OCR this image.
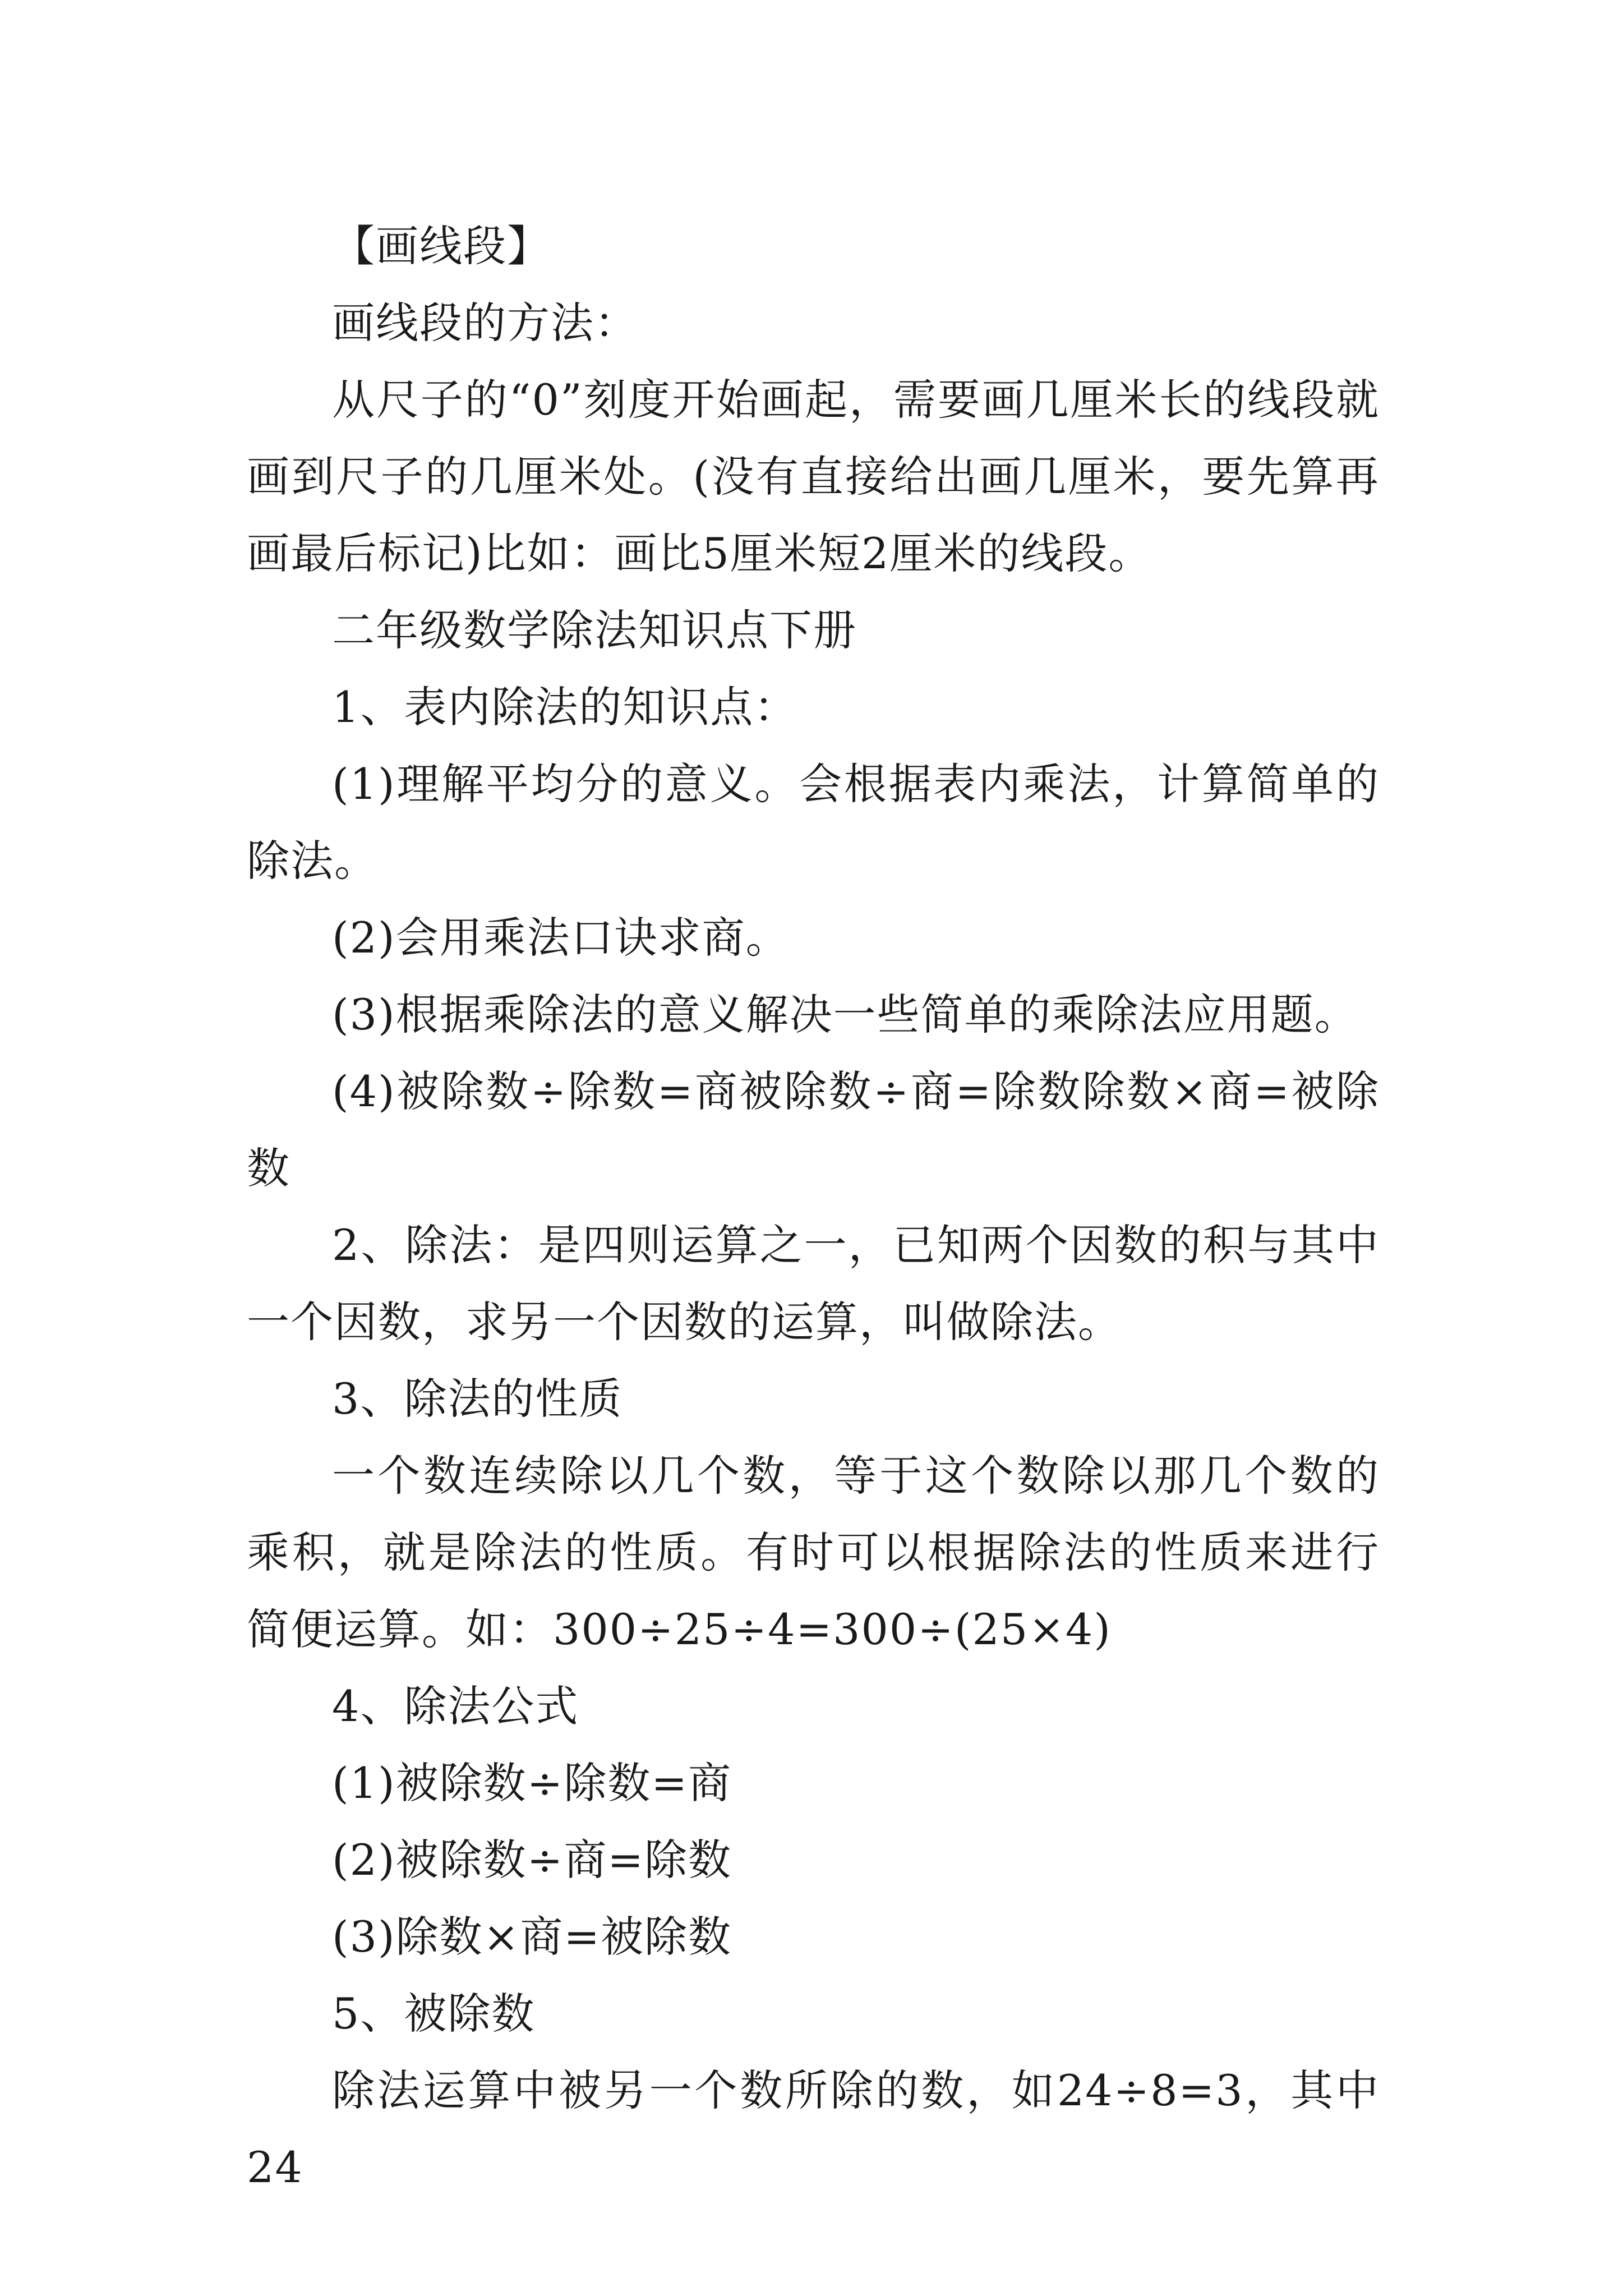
【画线段】

画线段的方法：

从尺子的“0”刻度开始画起，需要画几厘米长的线段就画到尺子的几厘米处。(没有直接给出画几厘米，要先算再画最后标记)比如：画比5厘米短2厘米的线段。

二年级数学除法知识点下册

1、表内除法的知识点：

(1)理解平均分的意义。会根据表内乘法，计算简单的除法。

(2)会用乘法口诀求商。

(3)根据乘除法的意义解决一些简单的乘除法应用题。

(4)被除数÷除数=商被除数÷商=除数除数×商=被除数

2、除法：是四则运算之一，已知两个因数的积与其中一个因数，求另一个因数的运算，叫做除法。

3、除法的性质

一个数连续除以几个数，等于这个数除以那几个数的乘积，就是除法的性质。有时可以根据除法的性质来进行简便运算。如：300÷25÷4=300÷(25×4)

4、除法公式

(1)被除数÷除数=商

(2)被除数÷商=除数

(3)除数×商=被除数

5、被除数

除法运算中被另一个数所除的数，如24÷8=3，其中24
